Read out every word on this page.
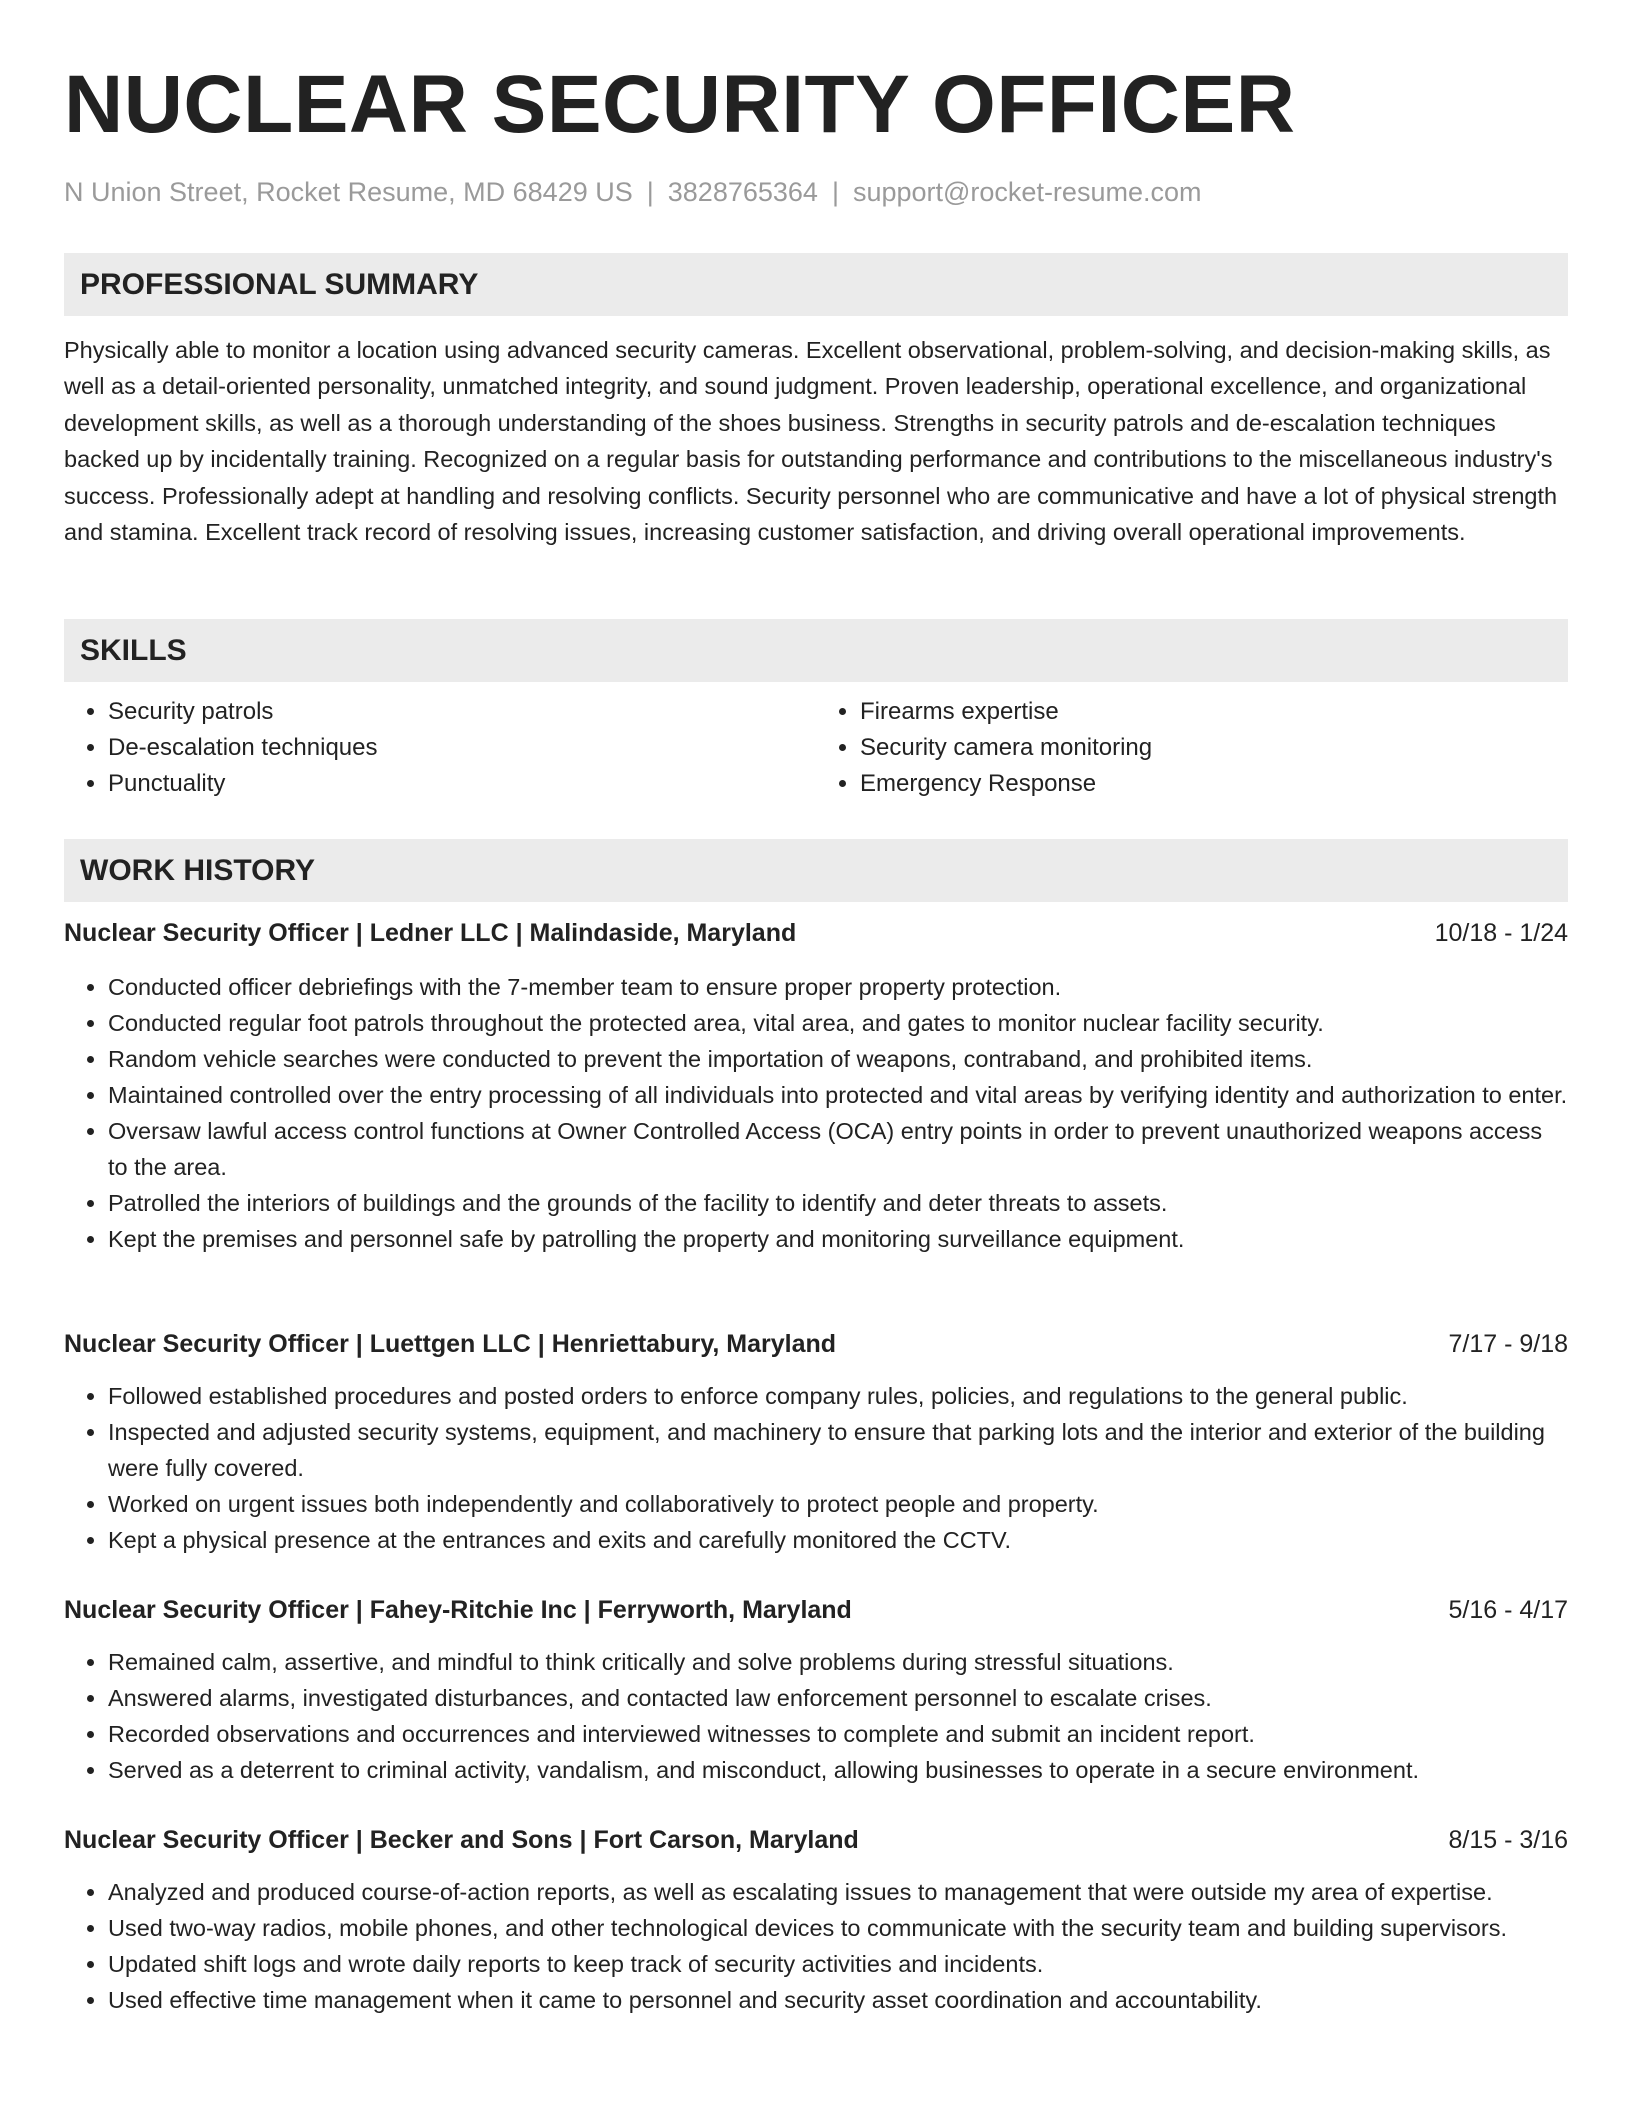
NUCLEAR SECURITY OFFICER
N Union Street, Rocket Resume, MD 68429 US | 3828765364 | support@rocket-resume.com
PROFESSIONAL SUMMARY

Physically able to monitor a location using advanced security cameras. Excellent observational, problem-solving, and decision-making skills, as well as a detail-oriented personality, unmatched integrity, and sound judgment. Proven leadership, operational excellence, and organizational development skills, as well as a thorough understanding of the shoes business. Strengths in security patrols and de-escalation techniques backed up by incidentally training. Recognized on a regular basis for outstanding performance and contributions to the miscellaneous industry's success. Professionally adept at handling and resolving conflicts. Security personnel who are communicative and have a lot of physical strength and stamina. Excellent track record of resolving issues, increasing customer satisfaction, and driving overall operational improvements.

SKILLS
• Security patrols
• De-escalation techniques
• Punctuality
• Firearms expertise
• Security camera monitoring
• Emergency Response
WORK HISTORY
Nuclear Security Officer | Ledner LLC | Malindaside, Maryland	10/18 - 1/24
• Conducted officer debriefings with the 7-member team to ensure proper property protection.
• Conducted regular foot patrols throughout the protected area, vital area, and gates to monitor nuclear facility security.
• Random vehicle searches were conducted to prevent the importation of weapons, contraband, and prohibited items.
• Maintained controlled over the entry processing of all individuals into protected and vital areas by verifying identity and authorization to enter.
• Oversaw lawful access control functions at Owner Controlled Access (OCA) entry points in order to prevent unauthorized weapons access to the area.
• Patrolled the interiors of buildings and the grounds of the facility to identify and deter threats to assets.
• Kept the premises and personnel safe by patrolling the property and monitoring surveillance equipment.
Nuclear Security Officer | Luettgen LLC | Henriettabury, Maryland	7/17 - 9/18
• Followed established procedures and posted orders to enforce company rules, policies, and regulations to the general public.
• Inspected and adjusted security systems, equipment, and machinery to ensure that parking lots and the interior and exterior of the building were fully covered.
• Worked on urgent issues both independently and collaboratively to protect people and property.
• Kept a physical presence at the entrances and exits and carefully monitored the CCTV.
Nuclear Security Officer | Fahey-Ritchie Inc | Ferryworth, Maryland	5/16 - 4/17
• Remained calm, assertive, and mindful to think critically and solve problems during stressful situations.
• Answered alarms, investigated disturbances, and contacted law enforcement personnel to escalate crises.
• Recorded observations and occurrences and interviewed witnesses to complete and submit an incident report.
• Served as a deterrent to criminal activity, vandalism, and misconduct, allowing businesses to operate in a secure environment.
Nuclear Security Officer | Becker and Sons | Fort Carson, Maryland	8/15 - 3/16
• Analyzed and produced course-of-action reports, as well as escalating issues to management that were outside my area of expertise.
• Used two-way radios, mobile phones, and other technological devices to communicate with the security team and building supervisors.
• Updated shift logs and wrote daily reports to keep track of security activities and incidents.
• Used effective time management when it came to personnel and security asset coordination and accountability.
